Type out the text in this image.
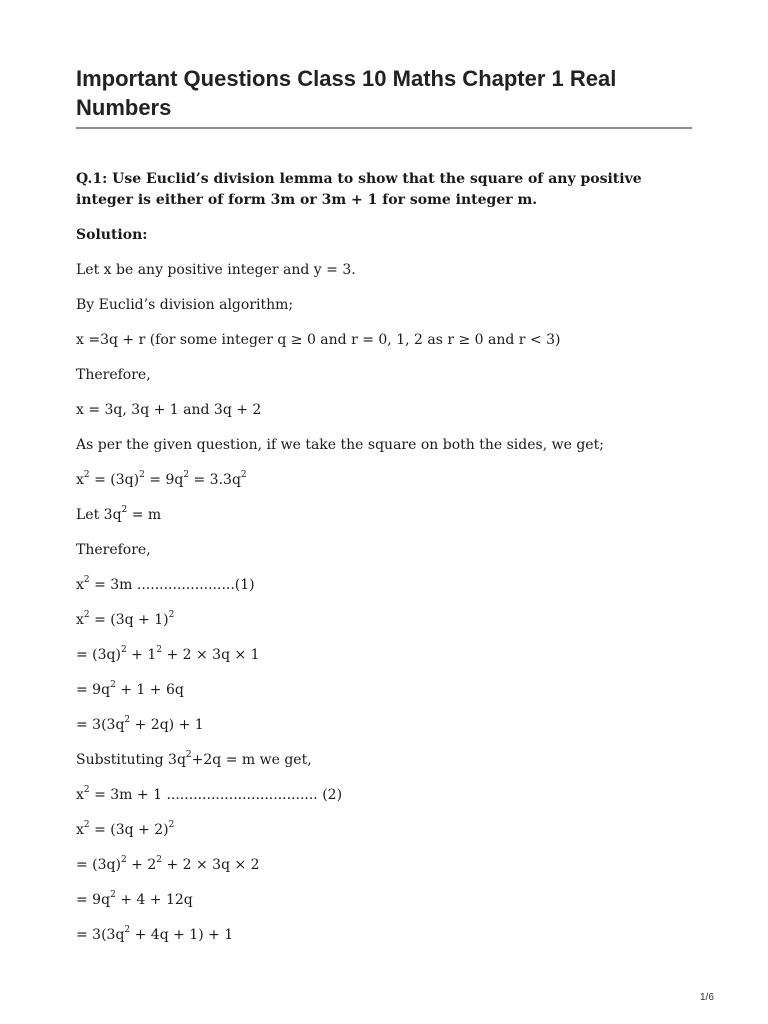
Important Questions Class 10 Maths Chapter 1 Real Numbers
Q.1: Use Euclid’s division lemma to show that the square of any positive
integer is either of form 3m or 3m + 1 for some integer m.
Solution:
Let x be any positive integer and y = 3.
By Euclid’s division algorithm;
x =3q + r (for some integer q ≥ 0 and r = 0, 1, 2 as r ≥ 0 and r < 3)
Therefore,
x = 3q, 3q + 1 and 3q + 2
As per the given question, if we take the square on both the sides, we get;
$x^2 = (3q)^2 = 9q^2 = 3.3q^2$
Let $3q^2 = m$
Therefore,
$x^2 = 3m$ ......................(1)
$x^2 = (3q + 1)^2$
= $(3q)^2 + 1^2 + 2 \times 3q \times 1$
= $9q^2 + 1 + 6q$
= $3(3q^2 + 2q) + 1$
Substituting $3q^2+2q = m$ we get,
$x^2 = 3m + 1$ .................................. (2)
$x^2 = (3q + 2)^2$
= $(3q)^2 + 2^2 + 2 \times 3q \times 2$
= $9q^2 + 4 + 12q$
= $3(3q^2 + 4q + 1) + 1$
1/6
